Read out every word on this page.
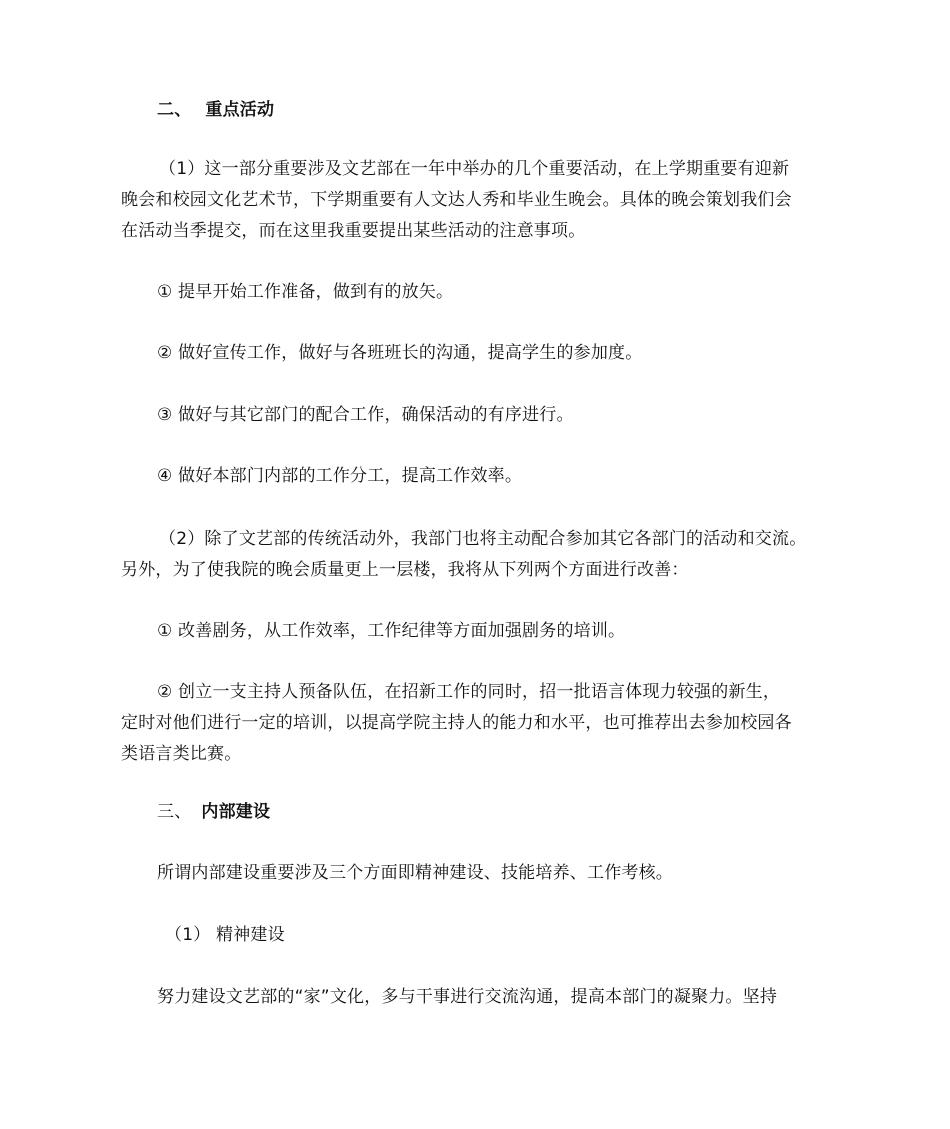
二、 重点活动
（1）这一部分重要涉及文艺部在一年中举办的几个重要活动，在上学期重要有迎新
晚会和校园文化艺术节，下学期重要有人文达人秀和毕业生晚会。具体的晚会策划我们会
在活动当季提交，而在这里我重要提出某些活动的注意事项。
① 提早开始工作准备，做到有的放矢。
② 做好宣传工作，做好与各班班长的沟通，提高学生的参加度。
③ 做好与其它部门的配合工作，确保活动的有序进行。
④ 做好本部门内部的工作分工，提高工作效率。
（2）除了文艺部的传统活动外，我部门也将主动配合参加其它各部门的活动和交流。
另外，为了使我院的晚会质量更上一层楼，我将从下列两个方面进行改善：
① 改善剧务，从工作效率，工作纪律等方面加强剧务的培训。
② 创立一支主持人预备队伍，在招新工作的同时，招一批语言体现力较强的新生，
定时对他们进行一定的培训，以提高学院主持人的能力和水平，也可推荐出去参加校园各
类语言类比赛。
三、 内部建设
所谓内部建设重要涉及三个方面即精神建设、技能培养、工作考核。
（1） 精神建设
努力建设文艺部的“家”文化，多与干事进行交流沟通，提高本部门的凝聚力。坚持
